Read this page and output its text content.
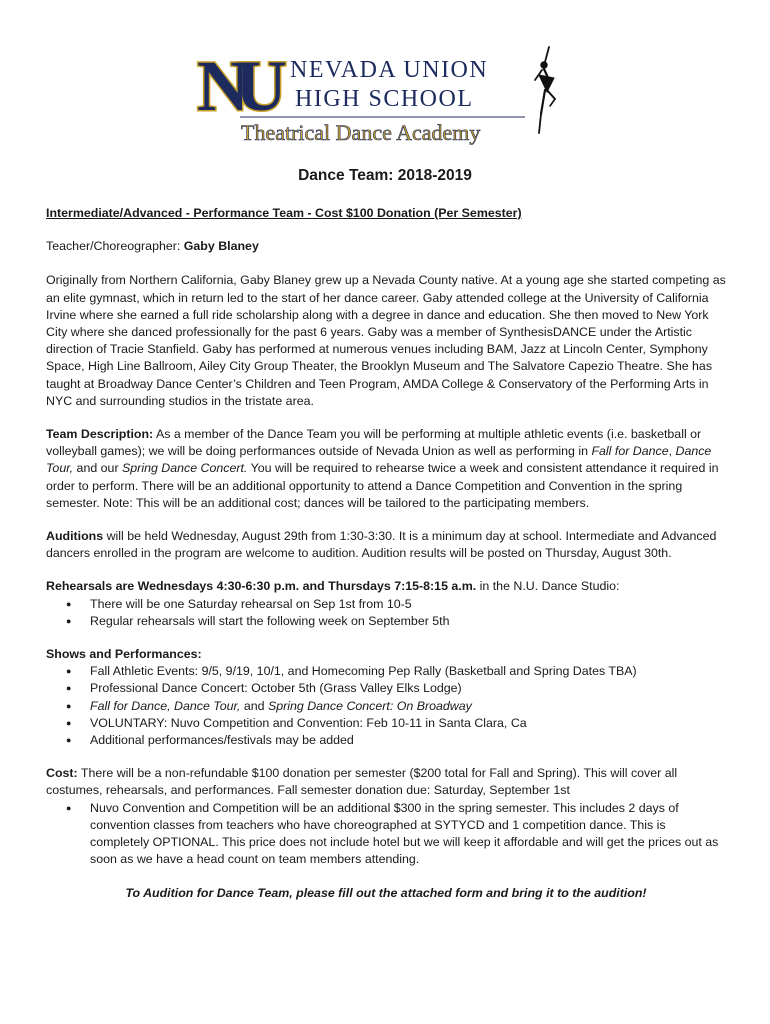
NU NEVADA UNION
HIGH SCHOOL
Theatrical Dance Academy
Dance Team: 2018-2019

Intermediate/Advanced - Performance Team - Cost $100 Donation (Per Semester)

Teacher/Choreographer: Gaby Blaney

Originally from Northern California, Gaby Blaney grew up a Nevada County native. At a young age she started competing as an elite gymnast, which in return led to the start of her dance career. Gaby attended college at the University of California Irvine where she earned a full ride scholarship along with a degree in dance and education. She then moved to New York City where she danced professionally for the past 6 years. Gaby was a member of SynthesisDANCE under the Artistic direction of Tracie Stanfield. Gaby has performed at numerous venues including BAM, Jazz at Lincoln Center, Symphony Space, High Line Ballroom, Ailey City Group Theater, the Brooklyn Museum and The Salvatore Capezio Theatre. She has taught at Broadway Dance Center’s Children and Teen Program, AMDA College & Conservatory of the Performing Arts in NYC and surrounding studios in the tristate area.

Team Description: As a member of the Dance Team you will be performing at multiple athletic events (i.e. basketball or volleyball games); we will be doing performances outside of Nevada Union as well as performing in Fall for Dance, Dance Tour, and our Spring Dance Concert. You will be required to rehearse twice a week and consistent attendance it required in order to perform. There will be an additional opportunity to attend a Dance Competition and Convention in the spring semester. Note: This will be an additional cost; dances will be tailored to the participating members.

Auditions will be held Wednesday, August 29th from 1:30-3:30. It is a minimum day at school. Intermediate and Advanced dancers enrolled in the program are welcome to audition. Audition results will be posted on Thursday, August 30th.

Rehearsals are Wednesdays 4:30-6:30 p.m. and Thursdays 7:15-8:15 a.m. in the N.U. Dance Studio:

● There will be one Saturday rehearsal on Sep 1st from 10-5
● Regular rehearsals will start the following week on September 5th

Shows and Performances:

● Fall Athletic Events: 9/5, 9/19, 10/1, and Homecoming Pep Rally (Basketball and Spring Dates TBA)
● Professional Dance Concert: October 5th (Grass Valley Elks Lodge)
● Fall for Dance, Dance Tour, and Spring Dance Concert: On Broadway
● VOLUNTARY: Nuvo Competition and Convention: Feb 10-11 in Santa Clara, Ca
● Additional performances/festivals may be added

Cost: There will be a non-refundable $100 donation per semester ($200 total for Fall and Spring). This will cover all costumes, rehearsals, and performances. Fall semester donation due: Saturday, September 1st

● Nuvo Convention and Competition will be an additional $300 in the spring semester. This includes 2 days of convention classes from teachers who have choreographed at SYTYCD and 1 competition dance. This is completely OPTIONAL. This price does not include hotel but we will keep it affordable and will get the prices out as soon as we have a head count on team members attending.

To Audition for Dance Team, please fill out the attached form and bring it to the audition!
